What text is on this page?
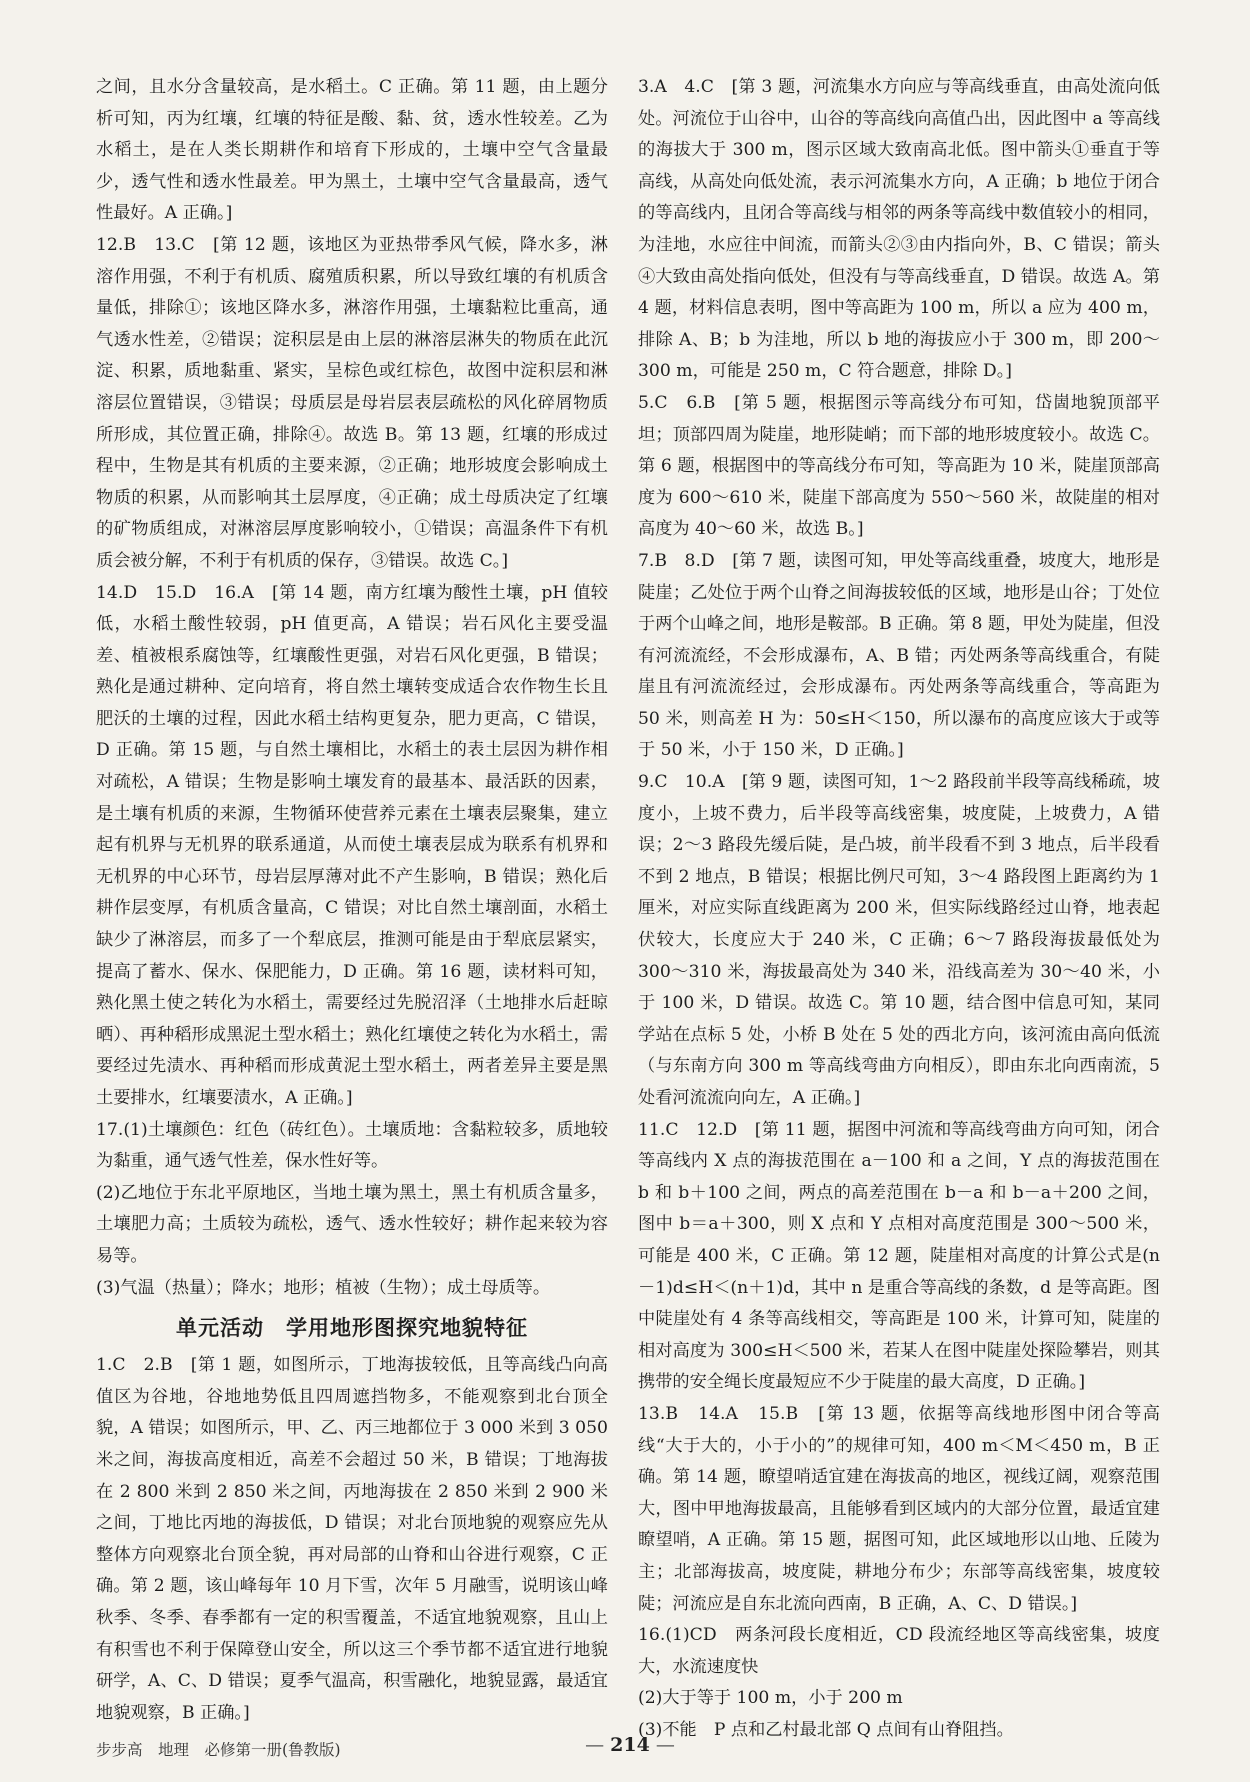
之间，且水分含量较高，是水稻土。C 正确。第 11 题，由上题分析可知，丙为红壤，红壤的特征是酸、黏、贫，透水性较差。乙为水稻土，是在人类长期耕作和培育下形成的，土壤中空气含量最少，透气性和透水性最差。甲为黑土，土壤中空气含量最高，透气性最好。A 正确。]

12.B　13.C　[第 12 题，该地区为亚热带季风气候，降水多，淋溶作用强，不利于有机质、腐殖质积累，所以导致红壤的有机质含量低，排除①；该地区降水多，淋溶作用强，土壤黏粒比重高，通气透水性差，②错误；淀积层是由上层的淋溶层淋失的物质在此沉淀、积累，质地黏重、紧实，呈棕色或红棕色，故图中淀积层和淋溶层位置错误，③错误；母质层是母岩层表层疏松的风化碎屑物质所形成，其位置正确，排除④。故选 B。第 13 题，红壤的形成过程中，生物是其有机质的主要来源，②正确；地形坡度会影响成土物质的积累，从而影响其土层厚度，④正确；成土母质决定了红壤的矿物质组成，对淋溶层厚度影响较小，①错误；高温条件下有机质会被分解，不利于有机质的保存，③错误。故选 C。]

14.D　15.D　16.A　[第 14 题，南方红壤为酸性土壤，pH 值较低，水稻土酸性较弱，pH 值更高，A 错误；岩石风化主要受温差、植被根系腐蚀等，红壤酸性更强，对岩石风化更强，B 错误；熟化是通过耕种、定向培育，将自然土壤转变成适合农作物生长且肥沃的土壤的过程，因此水稻土结构更复杂，肥力更高，C 错误，D 正确。第 15 题，与自然土壤相比，水稻土的表土层因为耕作相对疏松，A 错误；生物是影响土壤发育的最基本、最活跃的因素，是土壤有机质的来源，生物循环使营养元素在土壤表层聚集，建立起有机界与无机界的联系通道，从而使土壤表层成为联系有机界和无机界的中心环节，母岩层厚薄对此不产生影响，B 错误；熟化后耕作层变厚，有机质含量高，C 错误；对比自然土壤剖面，水稻土缺少了淋溶层，而多了一个犁底层，推测可能是由于犁底层紧实，提高了蓄水、保水、保肥能力，D 正确。第 16 题，读材料可知，熟化黑土使之转化为水稻土，需要经过先脱沼泽（土地排水后赶晾晒）、再种稻形成黑泥土型水稻土；熟化红壤使之转化为水稻土，需要经过先渍水、再种稻而形成黄泥土型水稻土，两者差异主要是黑土要排水，红壤要渍水，A 正确。]

17.(1)土壤颜色：红色（砖红色）。土壤质地：含黏粒较多，质地较为黏重，通气透气性差，保水性好等。

(2)乙地位于东北平原地区，当地土壤为黑土，黑土有机质含量多，土壤肥力高；土质较为疏松，透气、透水性较好；耕作起来较为容易等。

(3)气温（热量）；降水；地形；植被（生物）；成土母质等。

单元活动　学用地形图探究地貌特征

1.C　2.B　[第 1 题，如图所示，丁地海拔较低，且等高线凸向高值区为谷地，谷地地势低且四周遮挡物多，不能观察到北台顶全貌，A 错误；如图所示，甲、乙、丙三地都位于 3 000 米到 3 050 米之间，海拔高度相近，高差不会超过 50 米，B 错误；丁地海拔在 2 800 米到 2 850 米之间，丙地海拔在 2 850 米到 2 900 米之间，丁地比丙地的海拔低，D 错误；对北台顶地貌的观察应先从整体方向观察北台顶全貌，再对局部的山脊和山谷进行观察，C 正确。第 2 题，该山峰每年 10 月下雪，次年 5 月融雪，说明该山峰秋季、冬季、春季都有一定的积雪覆盖，不适宜地貌观察，且山上有积雪也不利于保障登山安全，所以这三个季节都不适宜进行地貌研学，A、C、D 错误；夏季气温高，积雪融化，地貌显露，最适宜地貌观察，B 正确。]

3.A　4.C　[第 3 题，河流集水方向应与等高线垂直，由高处流向低处。河流位于山谷中，山谷的等高线向高值凸出，因此图中 a 等高线的海拔大于 300 m，图示区域大致南高北低。图中箭头①垂直于等高线，从高处向低处流，表示河流集水方向，A 正确；b 地位于闭合的等高线内，且闭合等高线与相邻的两条等高线中数值较小的相同，为洼地，水应往中间流，而箭头②③由内指向外，B、C 错误；箭头④大致由高处指向低处，但没有与等高线垂直，D 错误。故选 A。第 4 题，材料信息表明，图中等高距为 100 m，所以 a 应为 400 m，排除 A、B；b 为洼地，所以 b 地的海拔应小于 300 m，即 200～300 m，可能是 250 m，C 符合题意，排除 D。]

5.C　6.B　[第 5 题，根据图示等高线分布可知，岱崮地貌顶部平坦；顶部四周为陡崖，地形陡峭；而下部的地形坡度较小。故选 C。第 6 题，根据图中的等高线分布可知，等高距为 10 米，陡崖顶部高度为 600～610 米，陡崖下部高度为 550～560 米，故陡崖的相对高度为 40～60 米，故选 B。]

7.B　8.D　[第 7 题，读图可知，甲处等高线重叠，坡度大，地形是陡崖；乙处位于两个山脊之间海拔较低的区域，地形是山谷；丁处位于两个山峰之间，地形是鞍部。B 正确。第 8 题，甲处为陡崖，但没有河流流经，不会形成瀑布，A、B 错；丙处两条等高线重合，有陡崖且有河流流经过，会形成瀑布。丙处两条等高线重合，等高距为 50 米，则高差 H 为：50≤H＜150，所以瀑布的高度应该大于或等于 50 米，小于 150 米，D 正确。]

9.C　10.A　[第 9 题，读图可知，1～2 路段前半段等高线稀疏，坡度小，上坡不费力，后半段等高线密集，坡度陡，上坡费力，A 错误；2～3 路段先缓后陡，是凸坡，前半段看不到 3 地点，后半段看不到 2 地点，B 错误；根据比例尺可知，3～4 路段图上距离约为 1 厘米，对应实际直线距离为 200 米，但实际线路经过山脊，地表起伏较大，长度应大于 240 米，C 正确；6～7 路段海拔最低处为 300～310 米，海拔最高处为 340 米，沿线高差为 30～40 米，小于 100 米，D 错误。故选 C。第 10 题，结合图中信息可知，某同学站在点标 5 处，小桥 B 处在 5 处的西北方向，该河流由高向低流（与东南方向 300 m 等高线弯曲方向相反），即由东北向西南流，5 处看河流流向向左，A 正确。]

11.C　12.D　[第 11 题，据图中河流和等高线弯曲方向可知，闭合等高线内 X 点的海拔范围在 a－100 和 a 之间，Y 点的海拔范围在 b 和 b＋100 之间，两点的高差范围在 b－a 和 b－a＋200 之间，图中 b＝a＋300，则 X 点和 Y 点相对高度范围是 300～500 米，可能是 400 米，C 正确。第 12 题，陡崖相对高度的计算公式是(n－1)d≤H＜(n＋1)d，其中 n 是重合等高线的条数，d 是等高距。图中陡崖处有 4 条等高线相交，等高距是 100 米，计算可知，陡崖的相对高度为 300≤H＜500 米，若某人在图中陡崖处探险攀岩，则其携带的安全绳长度最短应不少于陡崖的最大高度，D 正确。]

13.B　14.A　15.B　[第 13 题，依据等高线地形图中闭合等高线“大于大的，小于小的”的规律可知，400 m＜M＜450 m，B 正确。第 14 题，瞭望哨适宜建在海拔高的地区，视线辽阔，观察范围大，图中甲地海拔最高，且能够看到区域内的大部分位置，最适宜建瞭望哨，A 正确。第 15 题，据图可知，此区域地形以山地、丘陵为主；北部海拔高，坡度陡，耕地分布少；东部等高线密集，坡度较陡；河流应是自东北流向西南，B 正确，A、C、D 错误。]

16.(1)CD　两条河段长度相近，CD 段流经地区等高线密集，坡度大，水流速度快

(2)大于等于 100 m，小于 200 m

(3)不能　P 点和乙村最北部 Q 点间有山脊阻挡。

步步高　地理　必修第一册(鲁教版)	— 214 —
